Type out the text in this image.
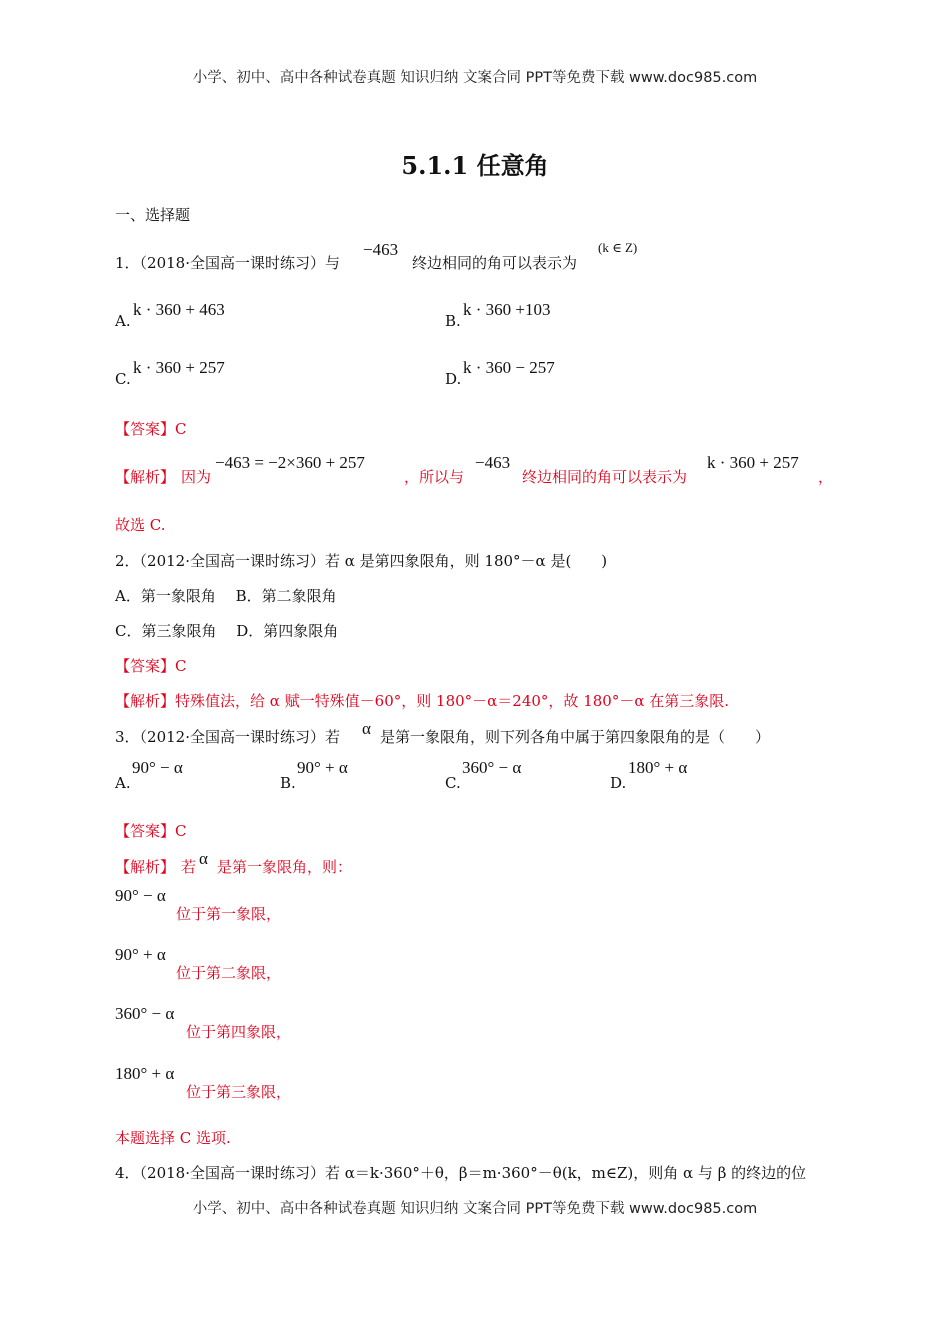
小学、初中、高中各种试卷真题 知识归纳 文案合同 PPT等免费下载 www.doc985.com
5.1.1 任意角
一、选择题
1．（2018·全国高一课时练习）与
−463
终边相同的角可以表示为
(k ∈ Z)
A.
k · 360 + 463
B.
k · 360 +103
C.
k · 360 + 257
D.
k · 360 − 257
【答案】C
【解析】 因为
−463 = −2×360 + 257
，所以与
−463
终边相同的角可以表示为
k · 360 + 257
，
故选 C.
2．（2012·全国高一课时练习）若 α 是第四象限角，则 180°－α 是(　　)
A．第一象限角　 B．第二象限角
C．第三象限角　 D．第四象限角
【答案】C
【解析】特殊值法，给 α 赋一特殊值－60°，则 180°－α＝240°，故 180°－α 在第三象限.
3．（2012·全国高一课时练习）若 α 是第一象限角，则下列各角中属于第四象限角的是（　　）
A.
90° − α
B.
90° + α
C.
360° − α
D.
180° + α
【答案】C
【解析】 若 α 是第一象限角，则：
90° − α
位于第一象限，
90° + α
位于第二象限，
360° − α
位于第四象限，
180° + α
位于第三象限，
本题选择 C 选项.
4．（2018·全国高一课时练习）若 α＝k·360°＋θ，β＝m·360°－θ(k，m∈Z)，则角 α 与 β 的终边的位
小学、初中、高中各种试卷真题 知识归纳 文案合同 PPT等免费下载 www.doc985.com
